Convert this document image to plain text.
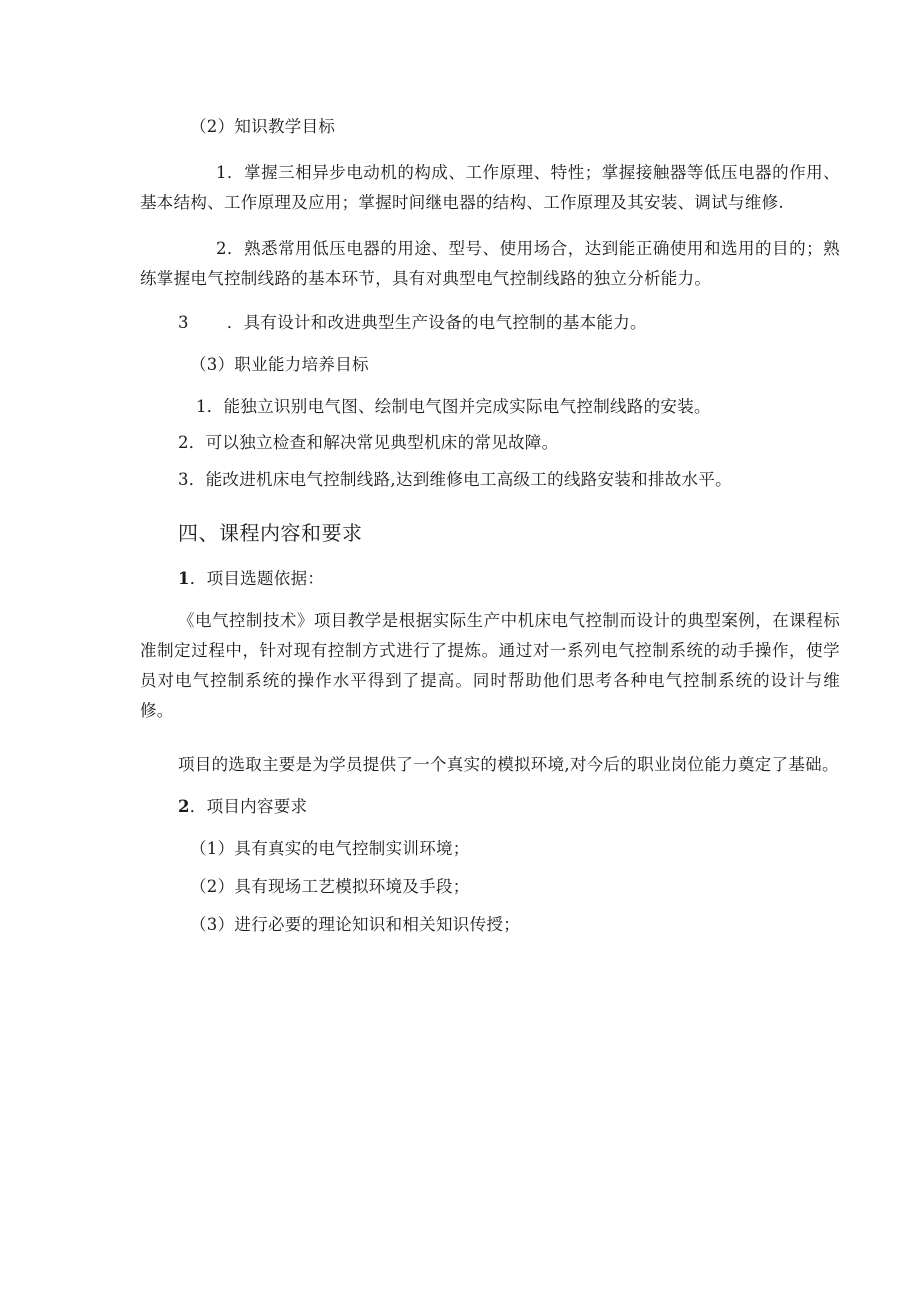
（2）知识教学目标
1．掌握三相异步电动机的构成、工作原理、特性；掌握接触器等低压电器的作用、基本结构、工作原理及应用；掌握时间继电器的结构、工作原理及其安装、调试与维修.
2．熟悉常用低压电器的用途、型号、使用场合，达到能正确使用和选用的目的；熟练掌握电气控制线路的基本环节，具有对典型电气控制线路的独立分析能力。
3 ．具有设计和改进典型生产设备的电气控制的基本能力。
（3）职业能力培养目标
1．能独立识别电气图、绘制电气图并完成实际电气控制线路的安装。
2．可以独立检查和解决常见典型机床的常见故障。
3．能改进机床电气控制线路,达到维修电工高级工的线路安装和排故水平。
四、课程内容和要求
1．项目选题依据：
《电气控制技术》项目教学是根据实际生产中机床电气控制而设计的典型案例，在课程标准制定过程中，针对现有控制方式进行了提炼。通过对一系列电气控制系统的动手操作，使学员对电气控制系统的操作水平得到了提高。同时帮助他们思考各种电气控制系统的设计与维修。
项目的选取主要是为学员提供了一个真实的模拟环境,对今后的职业岗位能力奠定了基础。
2．项目内容要求
（1）具有真实的电气控制实训环境；
（2）具有现场工艺模拟环境及手段；
（3）进行必要的理论知识和相关知识传授；
